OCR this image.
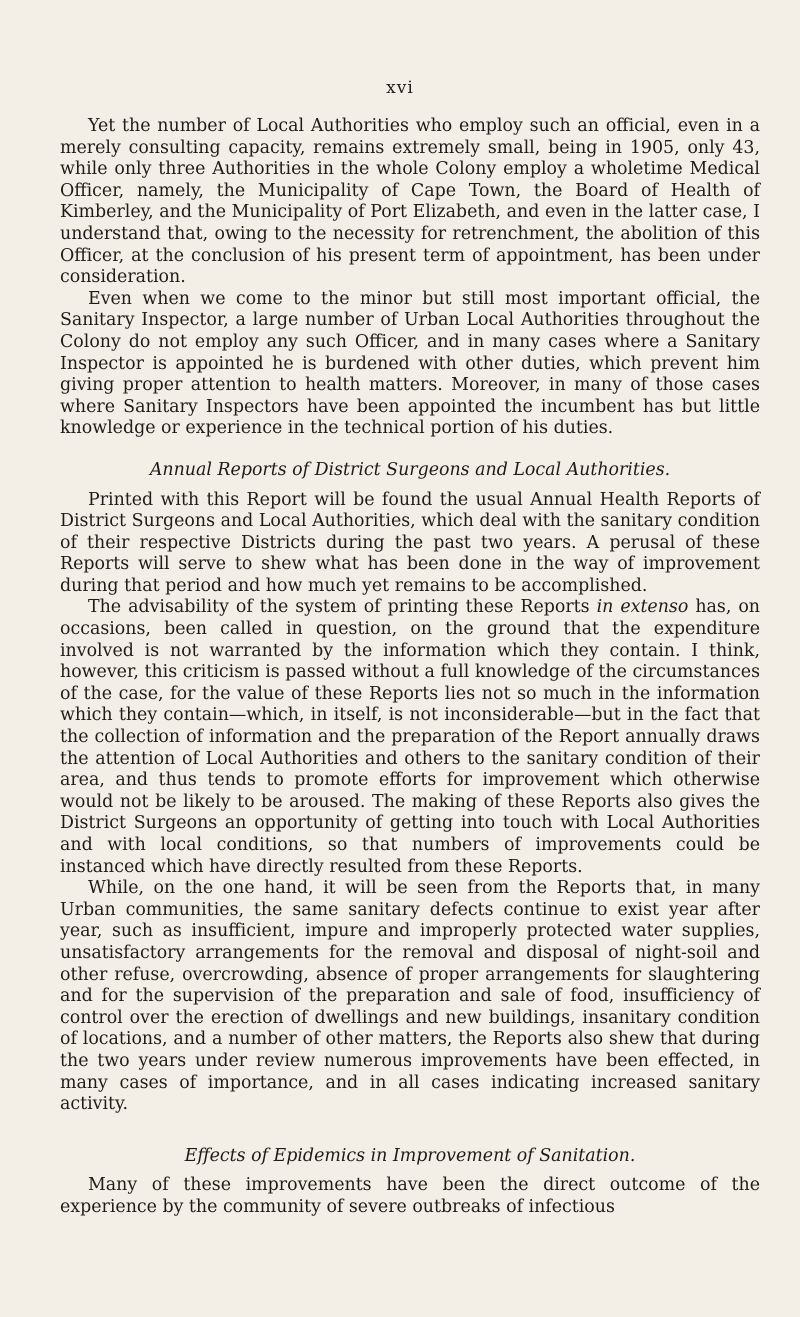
xvi

Yet the number of Local Authorities who employ such an official, even in a merely consulting capacity, remains extremely small, being in 1905, only 43, while only three Authorities in the whole Colony employ a wholetime Medical Officer, namely, the Municipality of Cape Town, the Board of Health of Kimberley, and the Municipality of Port Elizabeth, and even in the latter case, I understand that, owing to the necessity for retrenchment, the abolition of this Officer, at the conclusion of his present term of appointment, has been under consideration.

Even when we come to the minor but still most important official, the Sanitary Inspector, a large number of Urban Local Authorities throughout the Colony do not employ any such Officer, and in many cases where a Sanitary Inspector is appointed he is burdened with other duties, which prevent him giving proper attention to health matters. Moreover, in many of those cases where Sanitary Inspectors have been appointed the incumbent has but little knowledge or experience in the technical portion of his duties.

Annual Reports of District Surgeons and Local Authorities.

Printed with this Report will be found the usual Annual Health Reports of District Surgeons and Local Authorities, which deal with the sanitary condition of their respective Districts during the past two years. A perusal of these Reports will serve to shew what has been done in the way of improvement during that period and how much yet remains to be accomplished.

The advisability of the system of printing these Reports in extenso has, on occasions, been called in question, on the ground that the expenditure involved is not warranted by the information which they contain. I think, however, this criticism is passed without a full knowledge of the circumstances of the case, for the value of these Reports lies not so much in the information which they contain—which, in itself, is not inconsiderable—but in the fact that the collection of information and the preparation of the Report annually draws the attention of Local Authorities and others to the sanitary condition of their area, and thus tends to promote efforts for improvement which otherwise would not be likely to be aroused. The making of these Reports also gives the District Surgeons an opportunity of getting into touch with Local Authorities and with local conditions, so that numbers of improvements could be instanced which have directly resulted from these Reports.

While, on the one hand, it will be seen from the Reports that, in many Urban communities, the same sanitary defects continue to exist year after year, such as insufficient, impure and improperly protected water supplies, unsatisfactory arrangements for the removal and disposal of night-soil and other refuse, overcrowding, absence of proper arrangements for slaughtering and for the supervision of the preparation and sale of food, insufficiency of control over the erection of dwellings and new buildings, insanitary condition of locations, and a number of other matters, the Reports also shew that during the two years under review numerous improvements have been effected, in many cases of importance, and in all cases indicating increased sanitary activity.

Effects of Epidemics in Improvement of Sanitation.

Many of these improvements have been the direct outcome of the experience by the community of severe outbreaks of infectious
